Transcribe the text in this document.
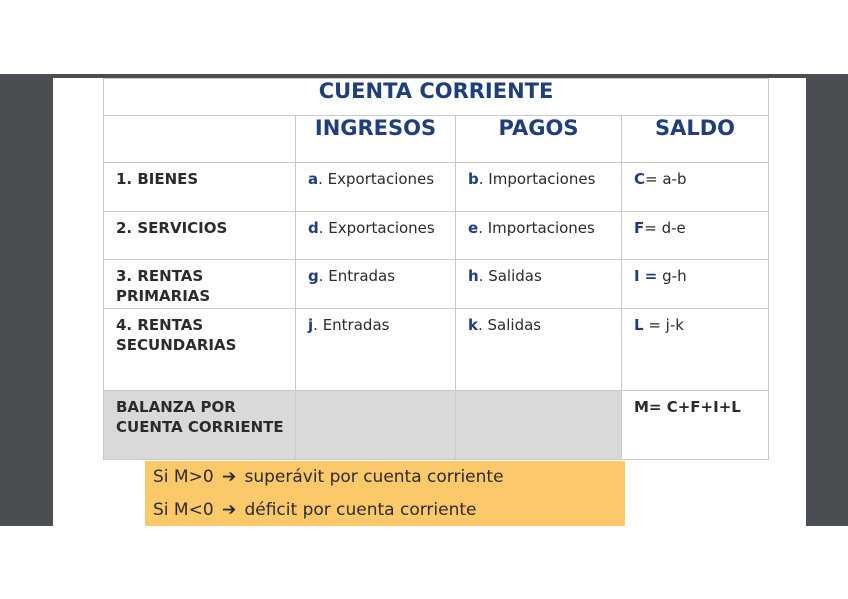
CUENTA CORRIENTE			
	INGRESOS	PAGOS	SALDO
1. BIENES	a. Exportaciones	b. Importaciones	C= a-b
2. SERVICIOS	d. Exportaciones	e. Importaciones	F= d-e
3. RENTAS PRIMARIAS	g. Entradas	h. Salidas	I = g-h
4. RENTAS SECUNDARIAS	j. Entradas	k. Salidas	L = j-k
BALANZA POR CUENTA CORRIENTE			M= C+F+I+L
Si M>0 ➔ superávit por cuenta corriente
Si M<0 ➔ déficit por cuenta corriente
